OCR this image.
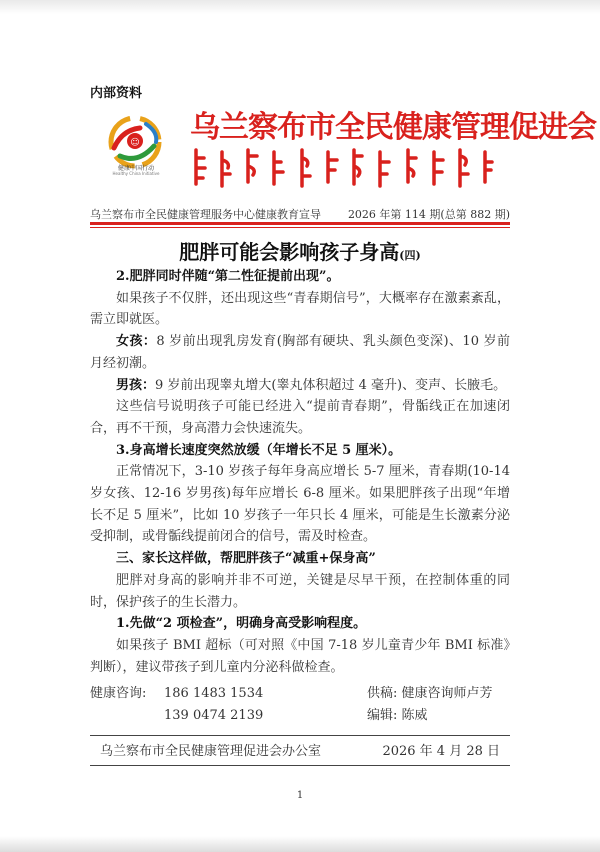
内部资料
☺
健康中国行动
Healthy China Initiative
乌兰察布市全民健康管理促进会
乌兰察布市全民健康管理服务中心健康教育宣导 2026 年第 114 期(总第 882 期)
肥胖可能会影响孩子身高(四)

2.肥胖同时伴随“第二性征提前出现”。

如果孩子不仅胖，还出现这些“青春期信号”，大概率存在激素紊乱，需立即就医。

女孩：8 岁前出现乳房发育(胸部有硬块、乳头颜色变深)、10 岁前月经初潮。

男孩：9 岁前出现睾丸增大(睾丸体积超过 4 毫升)、变声、长腋毛。

这些信号说明孩子可能已经进入“提前青春期”，骨骺线正在加速闭合，再不干预，身高潜力会快速流失。

3.身高增长速度突然放缓（年增长不足 5 厘米）。

正常情况下，3-10 岁孩子每年身高应增长 5-7 厘米，青春期(10-14 岁女孩、12-16 岁男孩)每年应增长 6-8 厘米。如果肥胖孩子出现“年增长不足 5 厘米”，比如 10 岁孩子一年只长 4 厘米，可能是生长激素分泌受抑制，或骨骺线提前闭合的信号，需及时检查。

三、家长这样做，帮肥胖孩子“减重+保身高”

肥胖对身高的影响并非不可逆，关键是尽早干预，在控制体重的同时，保护孩子的生长潜力。

1.先做“2 项检查”，明确身高受影响程度。

如果孩子 BMI 超标（可对照《中国 7-18 岁儿童青少年 BMI 标准》判断），建议带孩子到儿童内分泌科做检查。

健康咨询: 186 1483 1534	供稿: 健康咨询师卢芳
139 0474 2139	编辑: 陈威
乌兰察布市全民健康管理促进会办公室	2026 年 4 月 28 日
1
